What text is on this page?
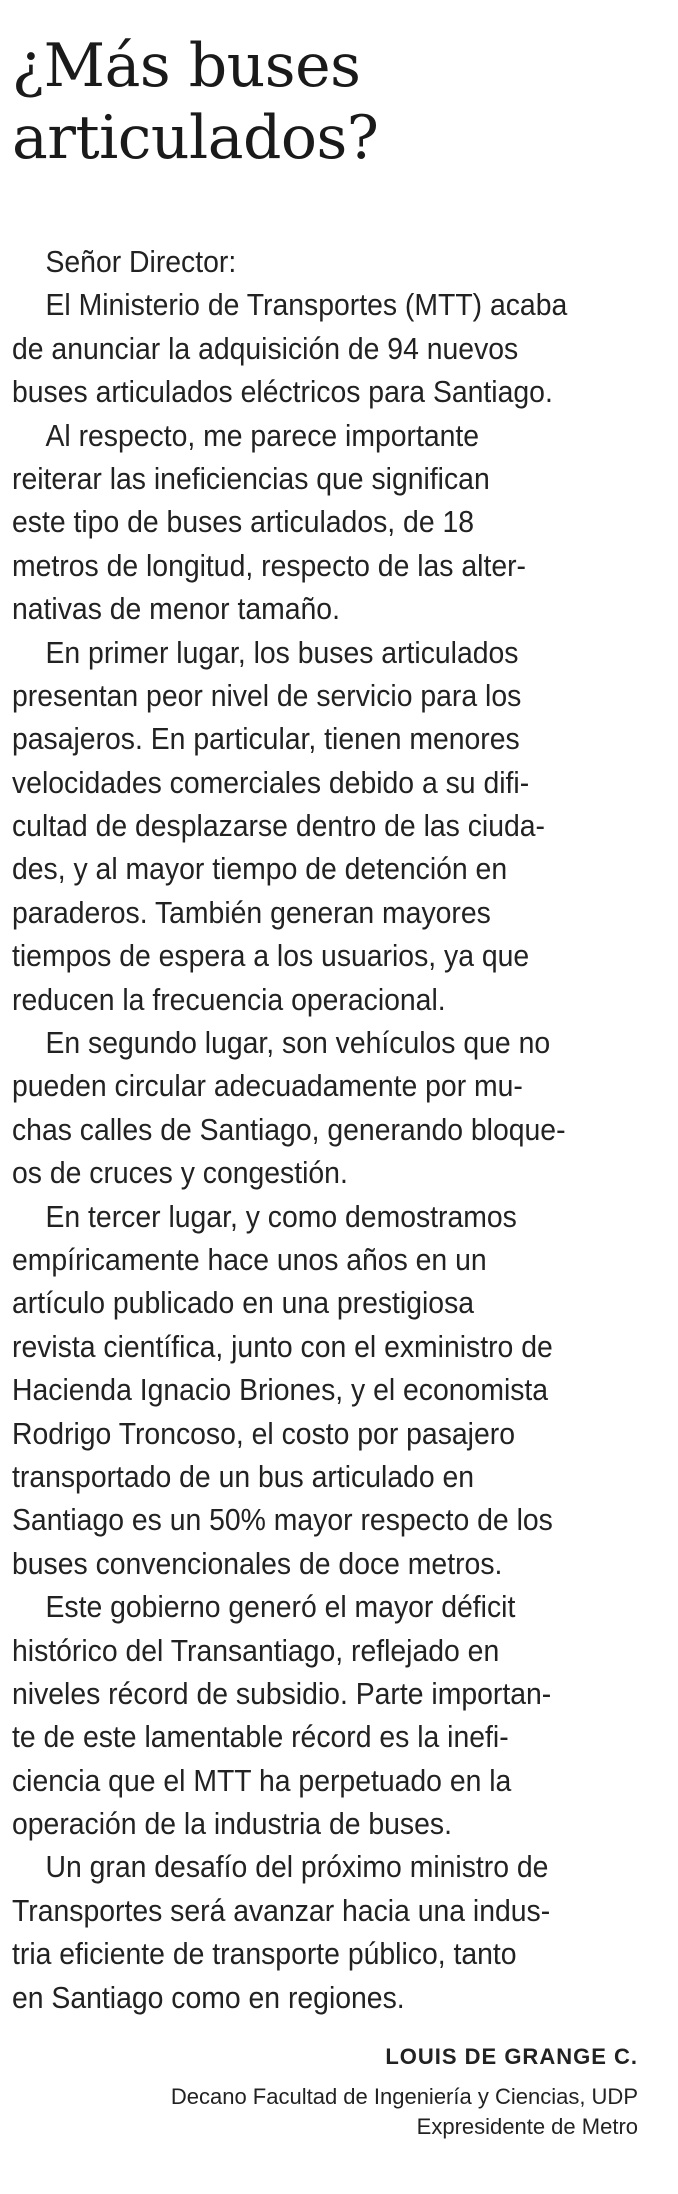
¿Más buses
articulados?
Señor Director:
El Ministerio de Transportes (MTT) acaba
de anunciar la adquisición de 94 nuevos
buses articulados eléctricos para Santiago.
Al respecto, me parece importante
reiterar las ineficiencias que significan
este tipo de buses articulados, de 18
metros de longitud, respecto de las alter-
nativas de menor tamaño.
En primer lugar, los buses articulados
presentan peor nivel de servicio para los
pasajeros. En particular, tienen menores
velocidades comerciales debido a su difi-
cultad de desplazarse dentro de las ciuda-
des, y al mayor tiempo de detención en
paraderos. También generan mayores
tiempos de espera a los usuarios, ya que
reducen la frecuencia operacional.
En segundo lugar, son vehículos que no
pueden circular adecuadamente por mu-
chas calles de Santiago, generando bloque-
os de cruces y congestión.
En tercer lugar, y como demostramos
empíricamente hace unos años en un
artículo publicado en una prestigiosa
revista científica, junto con el exministro de
Hacienda Ignacio Briones, y el economista
Rodrigo Troncoso, el costo por pasajero
transportado de un bus articulado en
Santiago es un 50% mayor respecto de los
buses convencionales de doce metros.
Este gobierno generó el mayor déficit
histórico del Transantiago, reflejado en
niveles récord de subsidio. Parte importan-
te de este lamentable récord es la inefi-
ciencia que el MTT ha perpetuado en la
operación de la industria de buses.
Un gran desafío del próximo ministro de
Transportes será avanzar hacia una indus-
tria eficiente de transporte público, tanto
en Santiago como en regiones.
LOUIS DE GRANGE C.
Decano Facultad de Ingeniería y Ciencias, UDP
Expresidente de Metro
